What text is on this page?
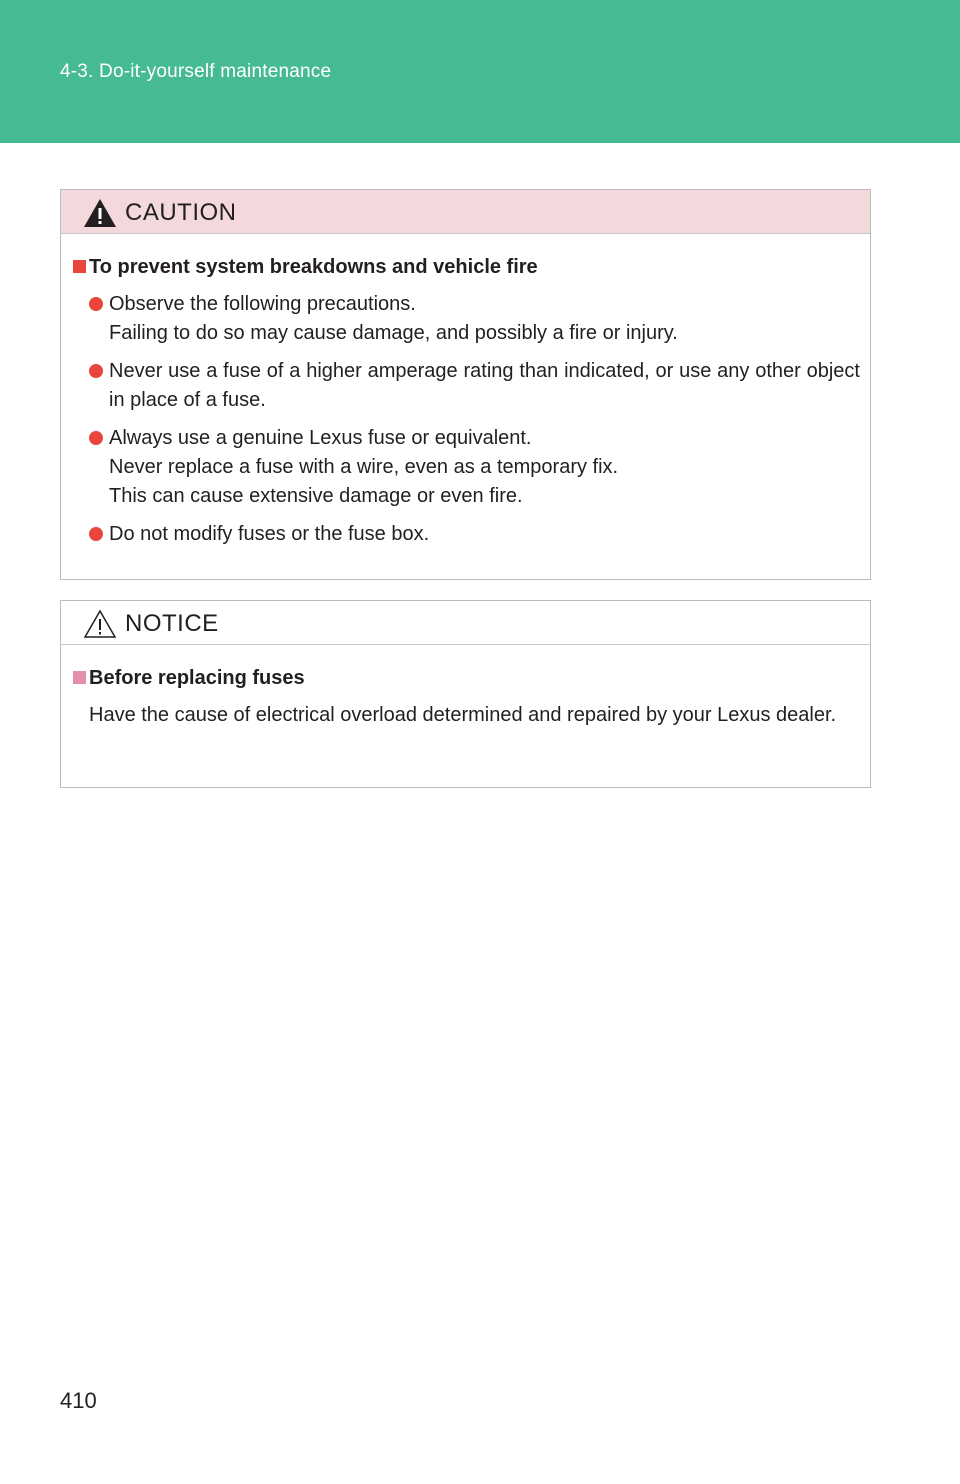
4-3. Do-it-yourself maintenance
CAUTION
To prevent system breakdowns and vehicle fire
Observe the following precautions.
Failing to do so may cause damage, and possibly a fire or injury.
Never use a fuse of a higher amperage rating than indicated, or use any other object in place of a fuse.
Always use a genuine Lexus fuse or equivalent.
Never replace a fuse with a wire, even as a temporary fix.
This can cause extensive damage or even fire.
Do not modify fuses or the fuse box.
NOTICE
Before replacing fuses
Have the cause of electrical overload determined and repaired by your Lexus dealer.
410
